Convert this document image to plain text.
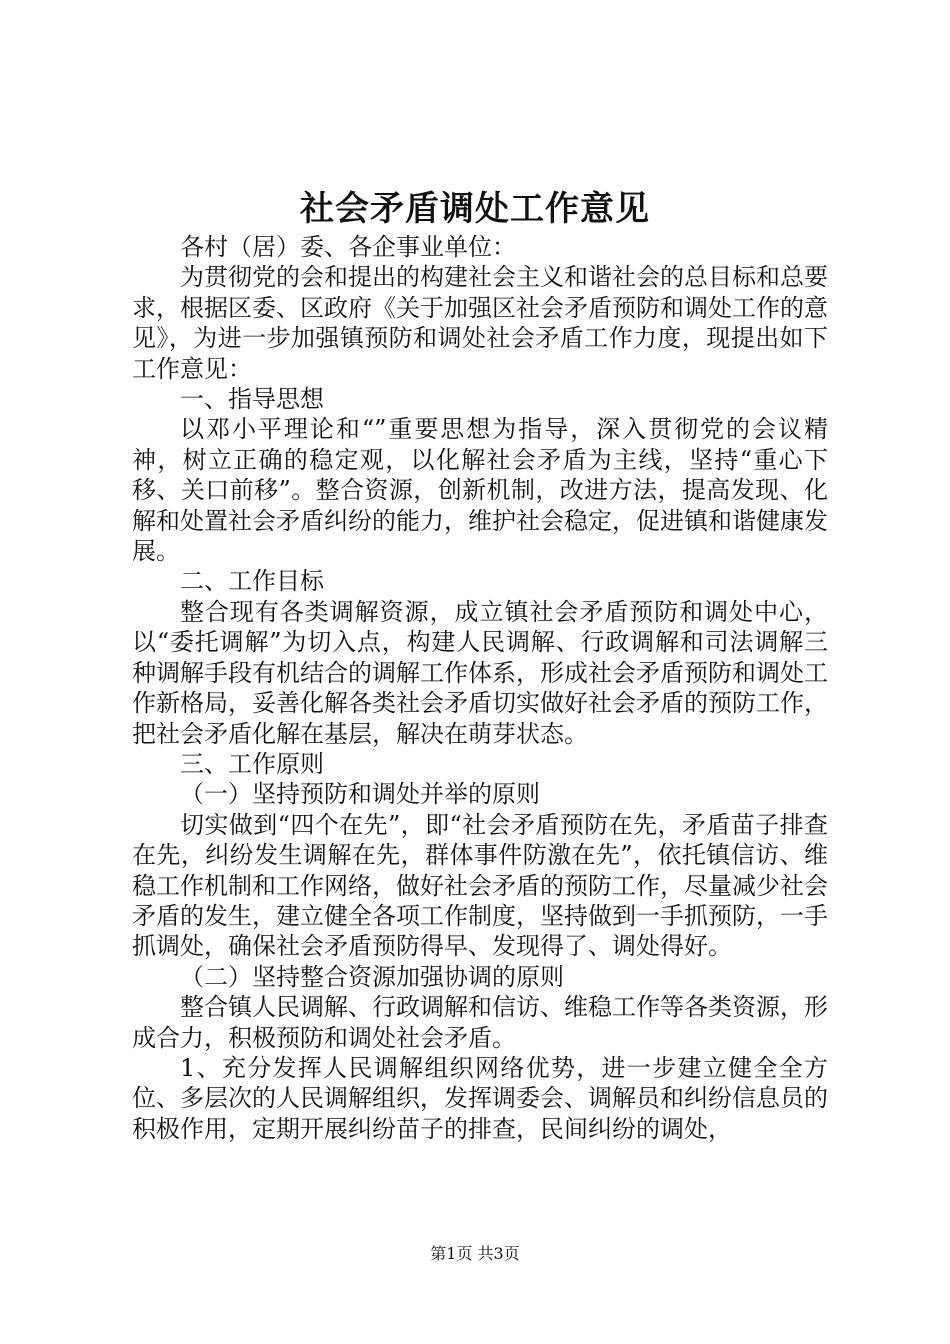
社会矛盾调处工作意见

各村（居）委、各企事业单位：

为贯彻党的会和提出的构建社会主义和谐社会的总目标和总要求，根据区委、区政府《关于加强区社会矛盾预防和调处工作的意见》，为进一步加强镇预防和调处社会矛盾工作力度，现提出如下工作意见：

一、指导思想

以邓小平理论和“”重要思想为指导，深入贯彻党的会议精神，树立正确的稳定观，以化解社会矛盾为主线，坚持“重心下移、关口前移”。整合资源，创新机制，改进方法，提高发现、化解和处置社会矛盾纠纷的能力，维护社会稳定，促进镇和谐健康发展。

二、工作目标

整合现有各类调解资源，成立镇社会矛盾预防和调处中心，以“委托调解”为切入点，构建人民调解、行政调解和司法调解三种调解手段有机结合的调解工作体系，形成社会矛盾预防和调处工作新格局，妥善化解各类社会矛盾切实做好社会矛盾的预防工作，把社会矛盾化解在基层，解决在萌芽状态。

三、工作原则

（一）坚持预防和调处并举的原则

切实做到“四个在先”，即“社会矛盾预防在先，矛盾苗子排查在先，纠纷发生调解在先，群体事件防激在先”，依托镇信访、维稳工作机制和工作网络，做好社会矛盾的预防工作，尽量减少社会矛盾的发生，建立健全各项工作制度，坚持做到一手抓预防，一手抓调处，确保社会矛盾预防得早、发现得了、调处得好。

（二）坚持整合资源加强协调的原则

整合镇人民调解、行政调解和信访、维稳工作等各类资源，形成合力，积极预防和调处社会矛盾。

1、充分发挥人民调解组织网络优势，进一步建立健全全方位、多层次的人民调解组织，发挥调委会、调解员和纠纷信息员的积极作用，定期开展纠纷苗子的排查，民间纠纷的调处，

第1页 共3页
